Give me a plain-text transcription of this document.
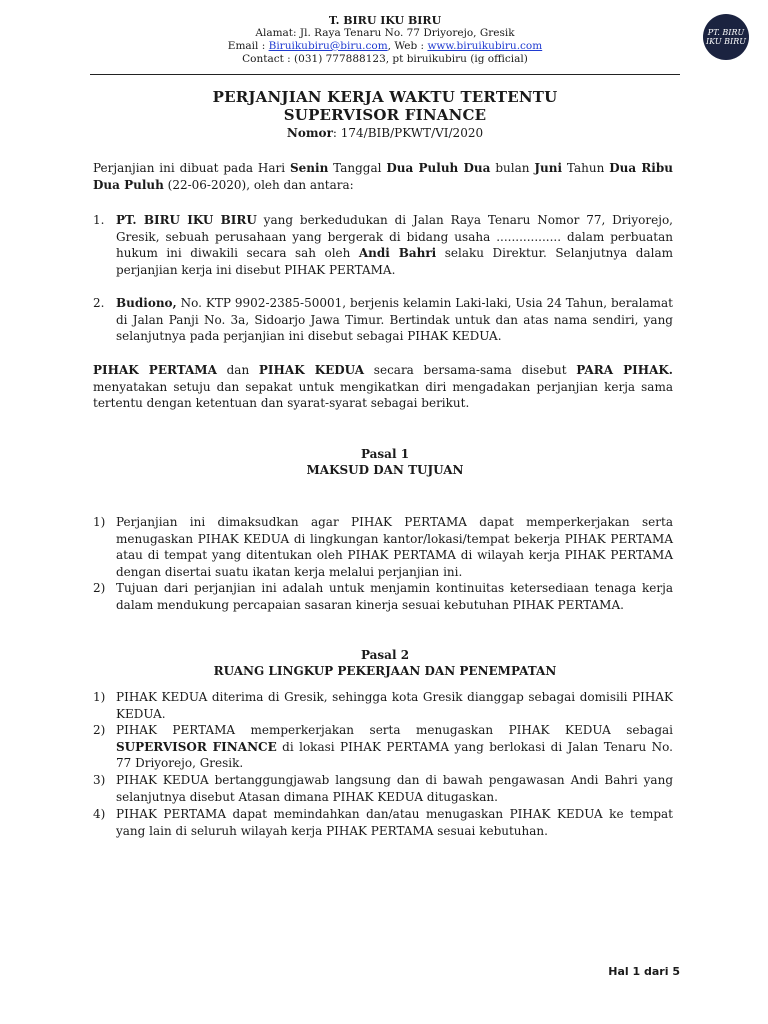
T. BIRU IKU BIRU
Alamat: Jl. Raya Tenaru No. 77 Driyorejo, Gresik
Email : Biruikubiru@biru.com, Web : www.biruikubiru.com
Contact : (031) 777888123, pt biruikubiru (ig official)
PT. BIRU
IKU BIRU
PERJANJIAN KERJA WAKTU TERTENTU
SUPERVISOR FINANCE
Nomor: 174/BIB/PKWT/VI/2020
Perjanjian ini dibuat pada Hari Senin Tanggal Dua Puluh Dua bulan Juni Tahun Dua Ribu Dua Puluh (22-06-2020), oleh dan antara:
1. PT. BIRU IKU BIRU yang berkedudukan di Jalan Raya Tenaru Nomor 77, Driyorejo, Gresik, sebuah perusahaan yang bergerak di bidang usaha ................. dalam perbuatan hukum ini diwakili secara sah oleh Andi Bahri selaku Direktur. Selanjutnya dalam perjanjian kerja ini disebut PIHAK PERTAMA.
2. Budiono, No. KTP 9902-2385-50001, berjenis kelamin Laki-laki, Usia 24 Tahun, beralamat di Jalan Panji No. 3a, Sidoarjo Jawa Timur. Bertindak untuk dan atas nama sendiri, yang selanjutnya pada perjanjian ini disebut sebagai PIHAK KEDUA.
PIHAK PERTAMA dan PIHAK KEDUA secara bersama-sama disebut PARA PIHAK. menyatakan setuju dan sepakat untuk mengikatkan diri mengadakan perjanjian kerja sama tertentu dengan ketentuan dan syarat-syarat sebagai berikut.
Pasal 1
MAKSUD DAN TUJUAN
1) Perjanjian ini dimaksudkan agar PIHAK PERTAMA dapat memperkerjakan serta menugaskan PIHAK KEDUA di lingkungan kantor/lokasi/tempat bekerja PIHAK PERTAMA atau di tempat yang ditentukan oleh PIHAK PERTAMA di wilayah kerja PIHAK PERTAMA dengan disertai suatu ikatan kerja melalui perjanjian ini.
2) Tujuan dari perjanjian ini adalah untuk menjamin kontinuitas ketersediaan tenaga kerja dalam mendukung percapaian sasaran kinerja sesuai kebutuhan PIHAK PERTAMA.
Pasal 2
RUANG LINGKUP PEKERJAAN DAN PENEMPATAN
1) PIHAK KEDUA diterima di Gresik, sehingga kota Gresik dianggap sebagai domisili PIHAK KEDUA.
2) PIHAK PERTAMA memperkerjakan serta menugaskan PIHAK KEDUA sebagai SUPERVISOR FINANCE di lokasi PIHAK PERTAMA yang berlokasi di Jalan Tenaru No. 77 Driyorejo, Gresik.
3) PIHAK KEDUA bertanggungjawab langsung dan di bawah pengawasan Andi Bahri yang selanjutnya disebut Atasan dimana PIHAK KEDUA ditugaskan.
4) PIHAK PERTAMA dapat memindahkan dan/atau menugaskan PIHAK KEDUA ke tempat yang lain di seluruh wilayah kerja PIHAK PERTAMA sesuai kebutuhan.
Hal 1 dari 5
